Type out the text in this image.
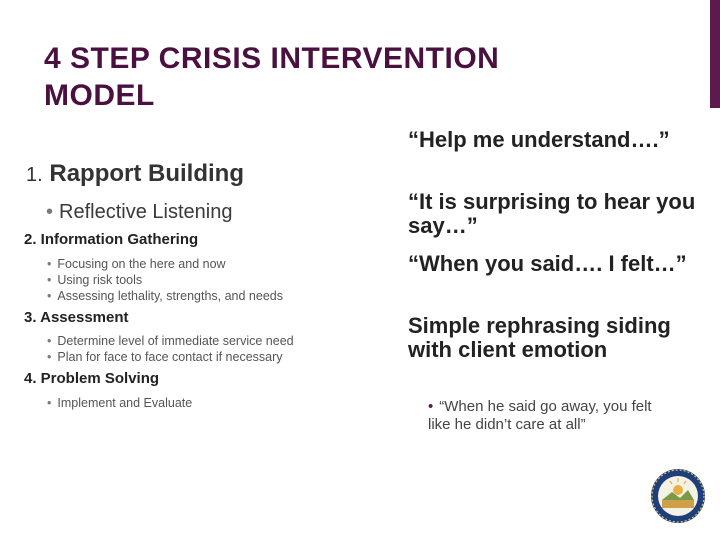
4 STEP CRISIS INTERVENTION MODEL
1. Rapport Building
• Reflective Listening
2. Information Gathering
• Focusing on the here and now
• Using risk tools
• Assessing lethality, strengths, and needs
3. Assessment
• Determine level of immediate service need
• Plan for face to face contact if necessary
4. Problem Solving
• Implement and Evaluate

“Help me understand….”

“It is surprising to hear you say…”

“When you said…. I felt…”

Simple rephrasing siding with client emotion

• “When he said go away, you felt like he didn’t care at all”
